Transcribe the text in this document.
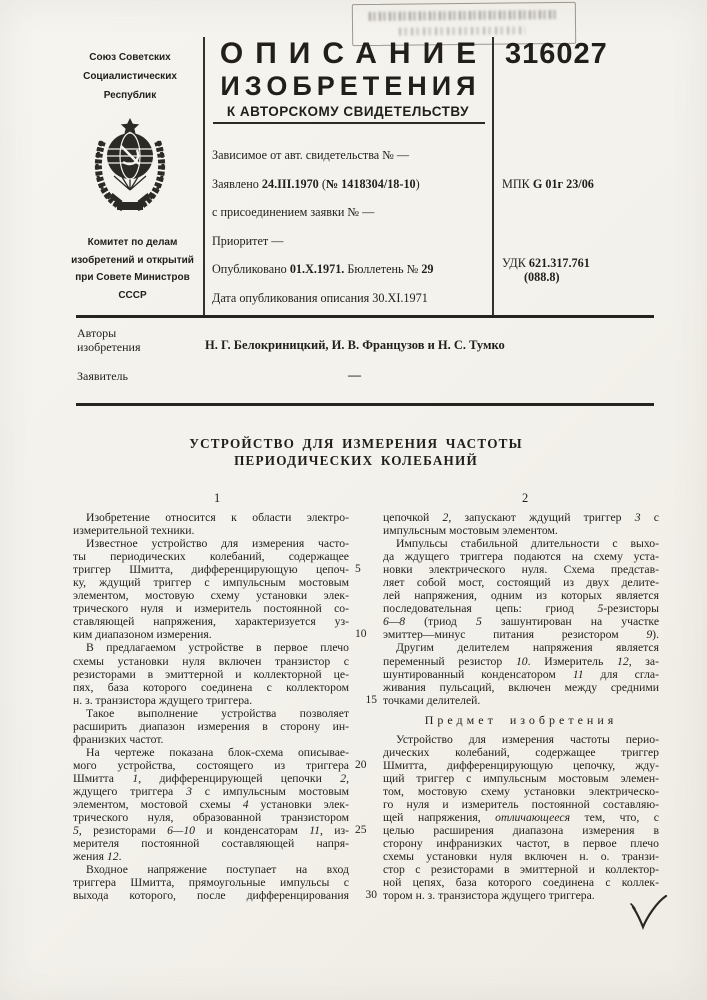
Союз Советских
Социалистических
Республик
Комитет по делам
изобретений и открытий
при Совете Министров
СССР
ОПИСАНИЕ
ИЗОБРЕТЕНИЯ
К АВТОРСКОМУ СВИДЕТЕЛЬСТВУ
316027
Зависимое от авт. свидетельства № —
Заявлено 24.III.1970 (№ 1418304/18-10)
с присоединением заявки № —
Приоритет —
Опубликовано 01.X.1971. Бюллетень № 29
Дата опубликования описания 30.XI.1971
МПК G 01г 23/06
УДК 621.317.761
(088.8)
Авторы
изобретения	Н. Г. Белокриницкий, И. В. Французов и Н. С. Тумко
Заявитель	—
УСТРОЙСТВО ДЛЯ ИЗМЕРЕНИЯ ЧАСТОТЫ
ПЕРИОДИЧЕСКИХ КОЛЕБАНИЙ
1	2
Изобретение относится к области электро-
измерительной техники.
Известное устройство для измерения часто-
ты периодических колебаний, содержащее
триггер Шмитта, дифференцирующую цепоч-
ку, ждущий триггер с импульсным мостовым
элементом, мостовую схему установки элек-
трического нуля и измеритель постоянной со-
ставляющей напряжения, характеризуется уз-
ким диапазоном измерения.
В предлагаемом устройстве в первое плечо
схемы установки нуля включен транзистор с
резисторами в эмиттерной и коллекторной це-
пях, база которого соединена с коллектором
н. з. транзистора ждущего триггера.
Такое выполнение устройства позволяет
расширить диапазон измерения в сторону ин-
франизких частот.
На чертеже показана блок-схема описывае-
мого устройства, состоящего из триггера
Шмитта 1, дифференцирующей цепочки 2,
ждущего триггера 3 с импульсным мостовым
элементом, мостовой схемы 4 установки элек-
трического нуля, образованной транзистором
5, резисторами 6—10 и конденсаторам 11, из-
мерителя постоянной составляющей напря-
жения 12.
Входное напряжение поступает на вход
триггера Шмитта, прямоугольные импульсы с
выхода которого, после дифференцирования
цепочкой 2, запускают ждущий триггер 3 с
импульсным мостовым элементом.
Импульсы стабильной длительности с выхо-
да ждущего триггера подаются на схему уста-
новки электрического нуля. Схема представ-
5
ляет собой мост, состоящий из двух делите-
лей напряжения, одним из которых является
последовательная цепь: гриод 5-резисторы
6—8 (триод 5 зашунтирован на участке
эмиттер—минус питания резистором 9).
10
Другим делителем напряжения является
переменный резистор 10. Измеритель 12, за-
шунтированный конденсатором 11 для сгла-
живания пульсаций, включен между средними
точками делителей.
15
Предмет изобретения
Устройство для измерения частоты перио-
дических колебаний, содержащее триггер
Шмитта, дифференцирующую цепочку, жду-
20
щий триггер с импульсным мостовым элемен-
том, мостовую схему установки электрическо-
го нуля и измеритель постоянной составляю-
щей напряжения, отличающееся тем, что, с
целью расширения диапазона измерения в
25
сторону инфранизких частот, в первое плечо
схемы установки нуля включен н. о. транзи-
стор с резисторами в эмиттерной и коллектор-
ной цепях, база которого соединена с коллек-
тором н. з. транзистора ждущего триггера.
30
